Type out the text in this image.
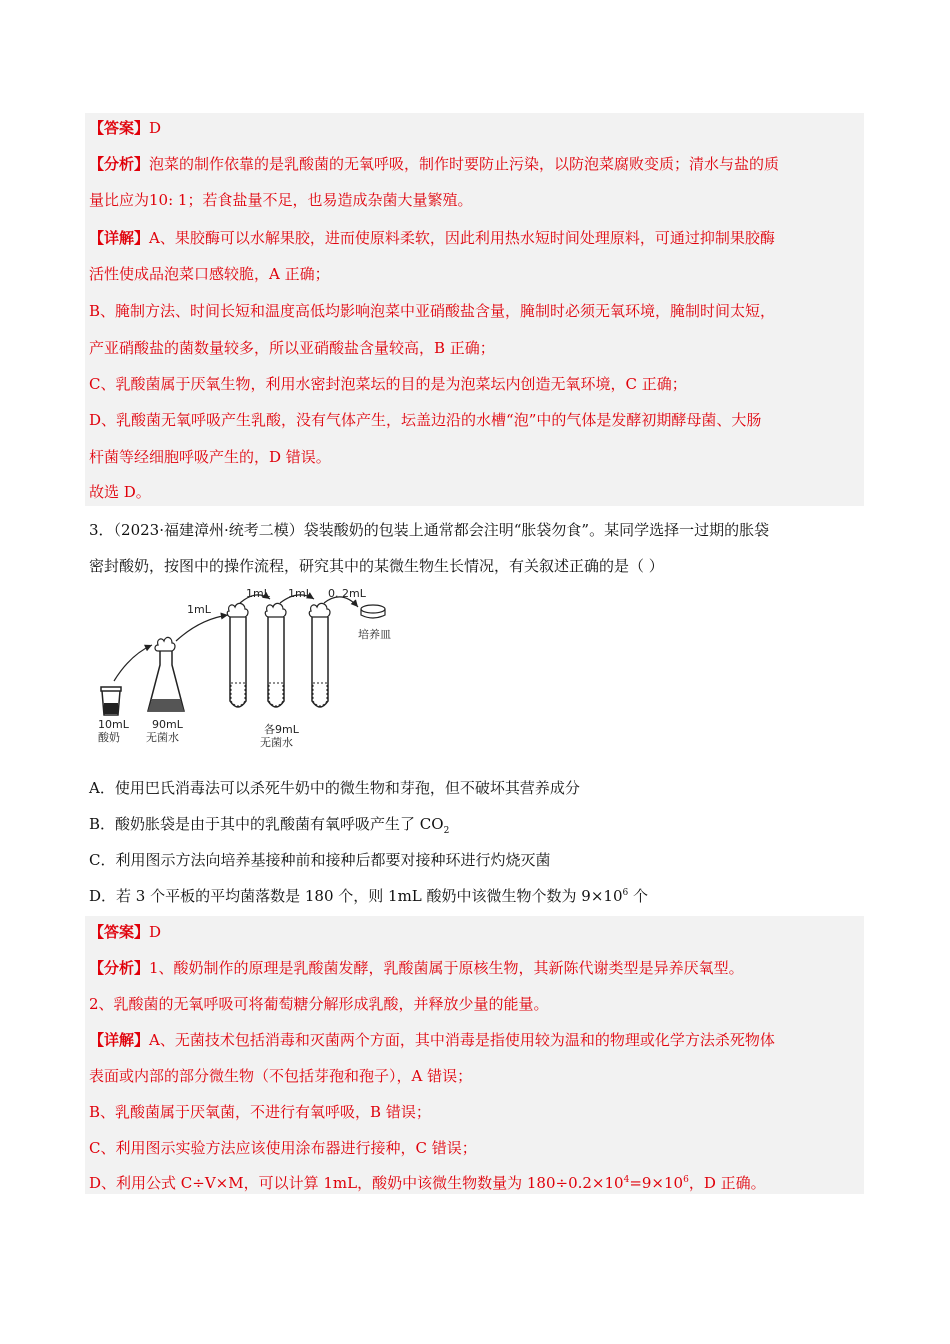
【答案】D
【分析】泡菜的制作依靠的是乳酸菌的无氧呼吸，制作时要防止污染，以防泡菜腐败变质；清水与盐的质
量比应为10: 1；若食盐量不足，也易造成杂菌大量繁殖。
【详解】A、果胶酶可以水解果胶，进而使原料柔软，因此利用热水短时间处理原料，可通过抑制果胶酶
活性使成品泡菜口感较脆，A 正确；
B、腌制方法、时间长短和温度高低均影响泡菜中亚硝酸盐含量，腌制时必须无氧环境，腌制时间太短，
产亚硝酸盐的菌数量较多，所以亚硝酸盐含量较高，B 正确；
C、乳酸菌属于厌氧生物，利用水密封泡菜坛的目的是为泡菜坛内创造无氧环境，C 正确；
D、乳酸菌无氧呼吸产生乳酸，没有气体产生，坛盖边沿的水槽“泡”中的气体是发酵初期酵母菌、大肠
杆菌等经细胞呼吸产生的，D 错误。
故选 D。
3．（2023·福建漳州·统考二模）袋装酸奶的包装上通常都会注明“胀袋勿食”。某同学选择一过期的胀袋
密封酸奶，按图中的操作流程，研究其中的某微生物生长情况，有关叙述正确的是（ ）
10mL
酸奶
90mL
无菌水
1mL
1mL 1mL 0. 2mL
培养皿
各9mL
无菌水
A．使用巴氏消毒法可以杀死牛奶中的微生物和芽孢，但不破坏其营养成分
B．酸奶胀袋是由于其中的乳酸菌有氧呼吸产生了 $CO_2$
C．利用图示方法向培养基接种前和接种后都要对接种环进行灼烧灭菌
D．若 3 个平板的平均菌落数是 180 个，则 1mL 酸奶中该微生物个数为 $9\times 10^6$ 个
【答案】D
【分析】1、酸奶制作的原理是乳酸菌发酵，乳酸菌属于原核生物，其新陈代谢类型是异养厌氧型。
2、乳酸菌的无氧呼吸可将葡萄糖分解形成乳酸，并释放少量的能量。
【详解】A、无菌技术包括消毒和灭菌两个方面，其中消毒是指使用较为温和的物理或化学方法杀死物体
表面或内部的部分微生物（不包括芽孢和孢子），A 错误；
B、乳酸菌属于厌氧菌，不进行有氧呼吸，B 错误；
C、利用图示实验方法应该使用涂布器进行接种，C 错误；
D、利用公式 C÷V×M，可以计算 1mL，酸奶中该微生物数量为 $180\div 0.2\times 10^4=9\times 10^6$，D 正确。
